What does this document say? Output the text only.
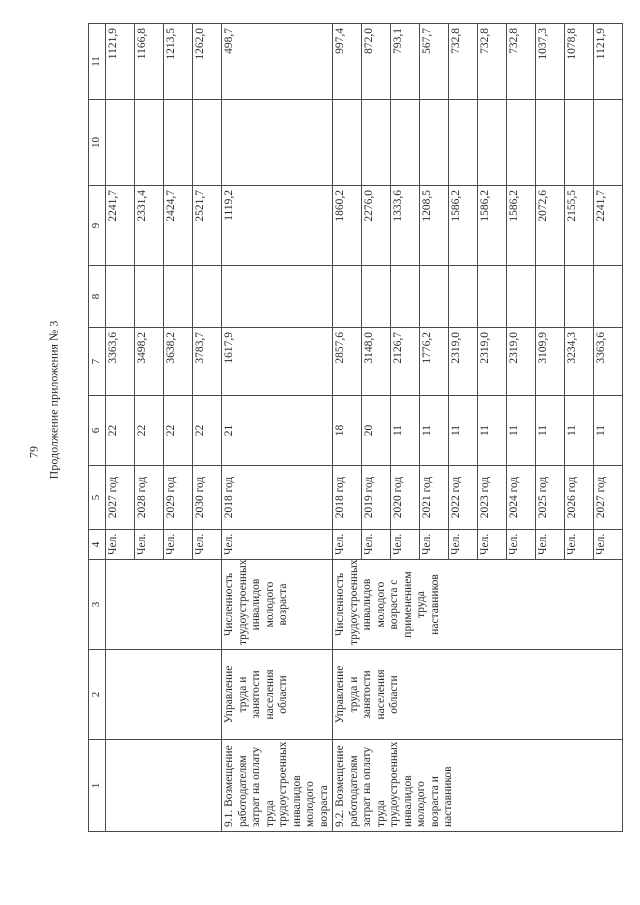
79 Продолжение приложения № 3
1	2	3	4	5	6	7	8	9	10	11
			Чел.	2027 год	22	3363,6		2241,7		1121,9
			Чел.	2028 год	22	3498,2		2331,4		1166,8
			Чел.	2029 год	22	3638,2		2424,7		1213,5
			Чел.	2030 год	22	3783,7		2521,7		1262,0
9.1. Возмещение работодателям затрат на оплату труда трудоустроенных инвалидов молодого возраста	Управление труда и занятости населения области	Численность трудоустроенных инвалидов молодого возраста	Чел.	2018 год	21	1617,9		1119,2		498,7
9.2. Возмещение работодателям затрат на оплату труда трудоустроенных инвалидов молодого возраста и наставников	Управление труда и занятости населения области	Численность трудоустроенных инвалидов молодого возраста с применением труда наставников	Чел.	2018 год	18	2857,6		1860,2		997,4
			Чел.	2019 год	20	3148,0		2276,0		872,0
			Чел.	2020 год	11	2126,7		1333,6		793,1
			Чел.	2021 год	11	1776,2		1208,5		567,7
			Чел.	2022 год	11	2319,0		1586,2		732,8
			Чел.	2023 год	11	2319,0		1586,2		732,8
			Чел.	2024 год	11	2319,0		1586,2		732,8
			Чел.	2025 год	11	3109,9		2072,6		1037,3
			Чел.	2026 год	11	3234,3		2155,5		1078,8
			Чел.	2027 год	11	3363,6		2241,7		1121,9
